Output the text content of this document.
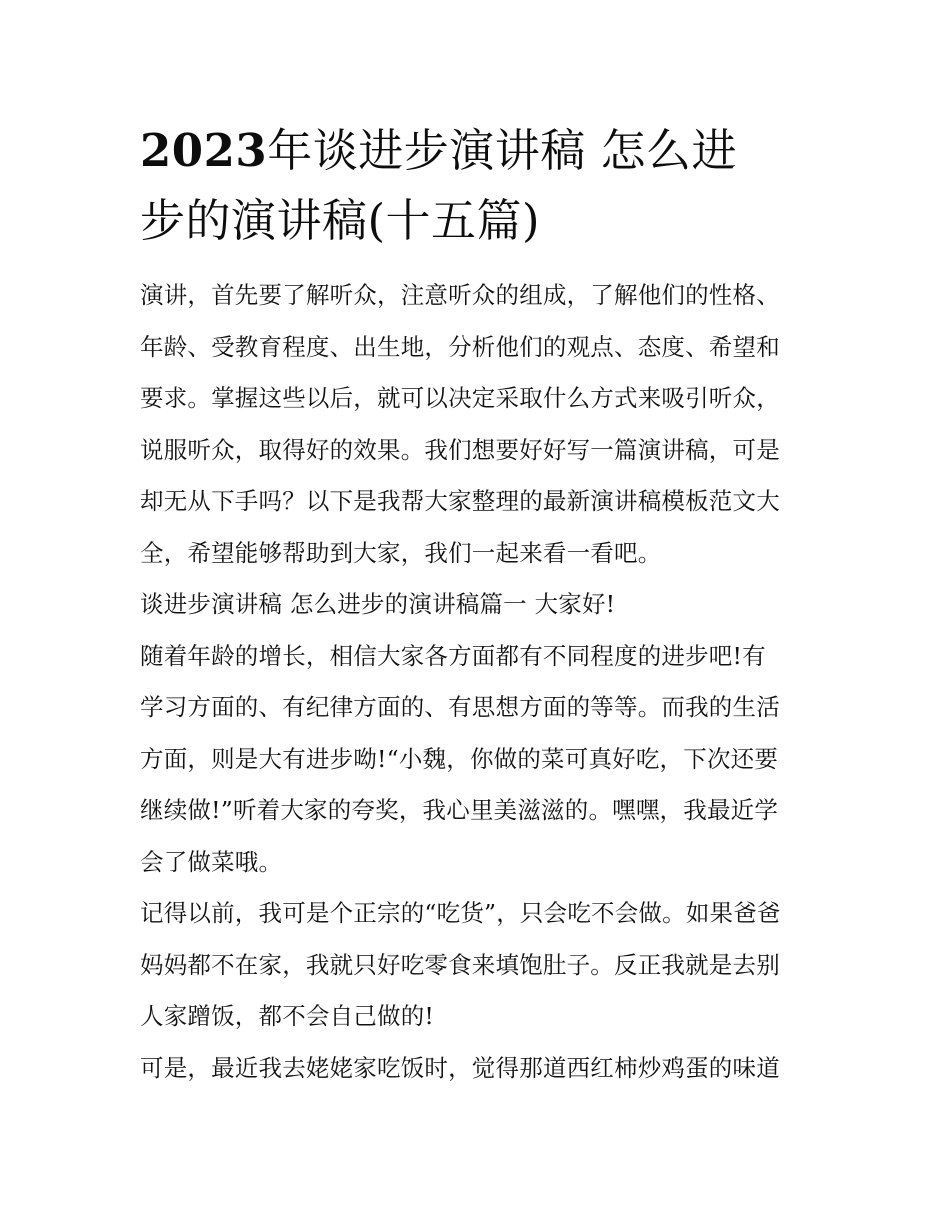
2023年谈进步演讲稿 怎么进
步的演讲稿(十五篇)

演讲，首先要了解听众，注意听众的组成，了解他们的性格、
年龄、受教育程度、出生地，分析他们的观点、态度、希望和
要求。掌握这些以后，就可以决定采取什么方式来吸引听众，
说服听众，取得好的效果。我们想要好好写一篇演讲稿，可是
却无从下手吗？以下是我帮大家整理的最新演讲稿模板范文大
全，希望能够帮助到大家，我们一起来看一看吧。

谈进步演讲稿 怎么进步的演讲稿篇一 大家好!

随着年龄的增长，相信大家各方面都有不同程度的进步吧!有
学习方面的、有纪律方面的、有思想方面的等等。而我的生活
方面，则是大有进步呦!“小魏，你做的菜可真好吃，下次还要
继续做!”听着大家的夸奖，我心里美滋滋的。嘿嘿，我最近学
会了做菜哦。

记得以前，我可是个正宗的“吃货”，只会吃不会做。如果爸爸
妈妈都不在家，我就只好吃零食来填饱肚子。反正我就是去别
人家蹭饭，都不会自己做的!

可是，最近我去姥姥家吃饭时，觉得那道西红柿炒鸡蛋的味道
